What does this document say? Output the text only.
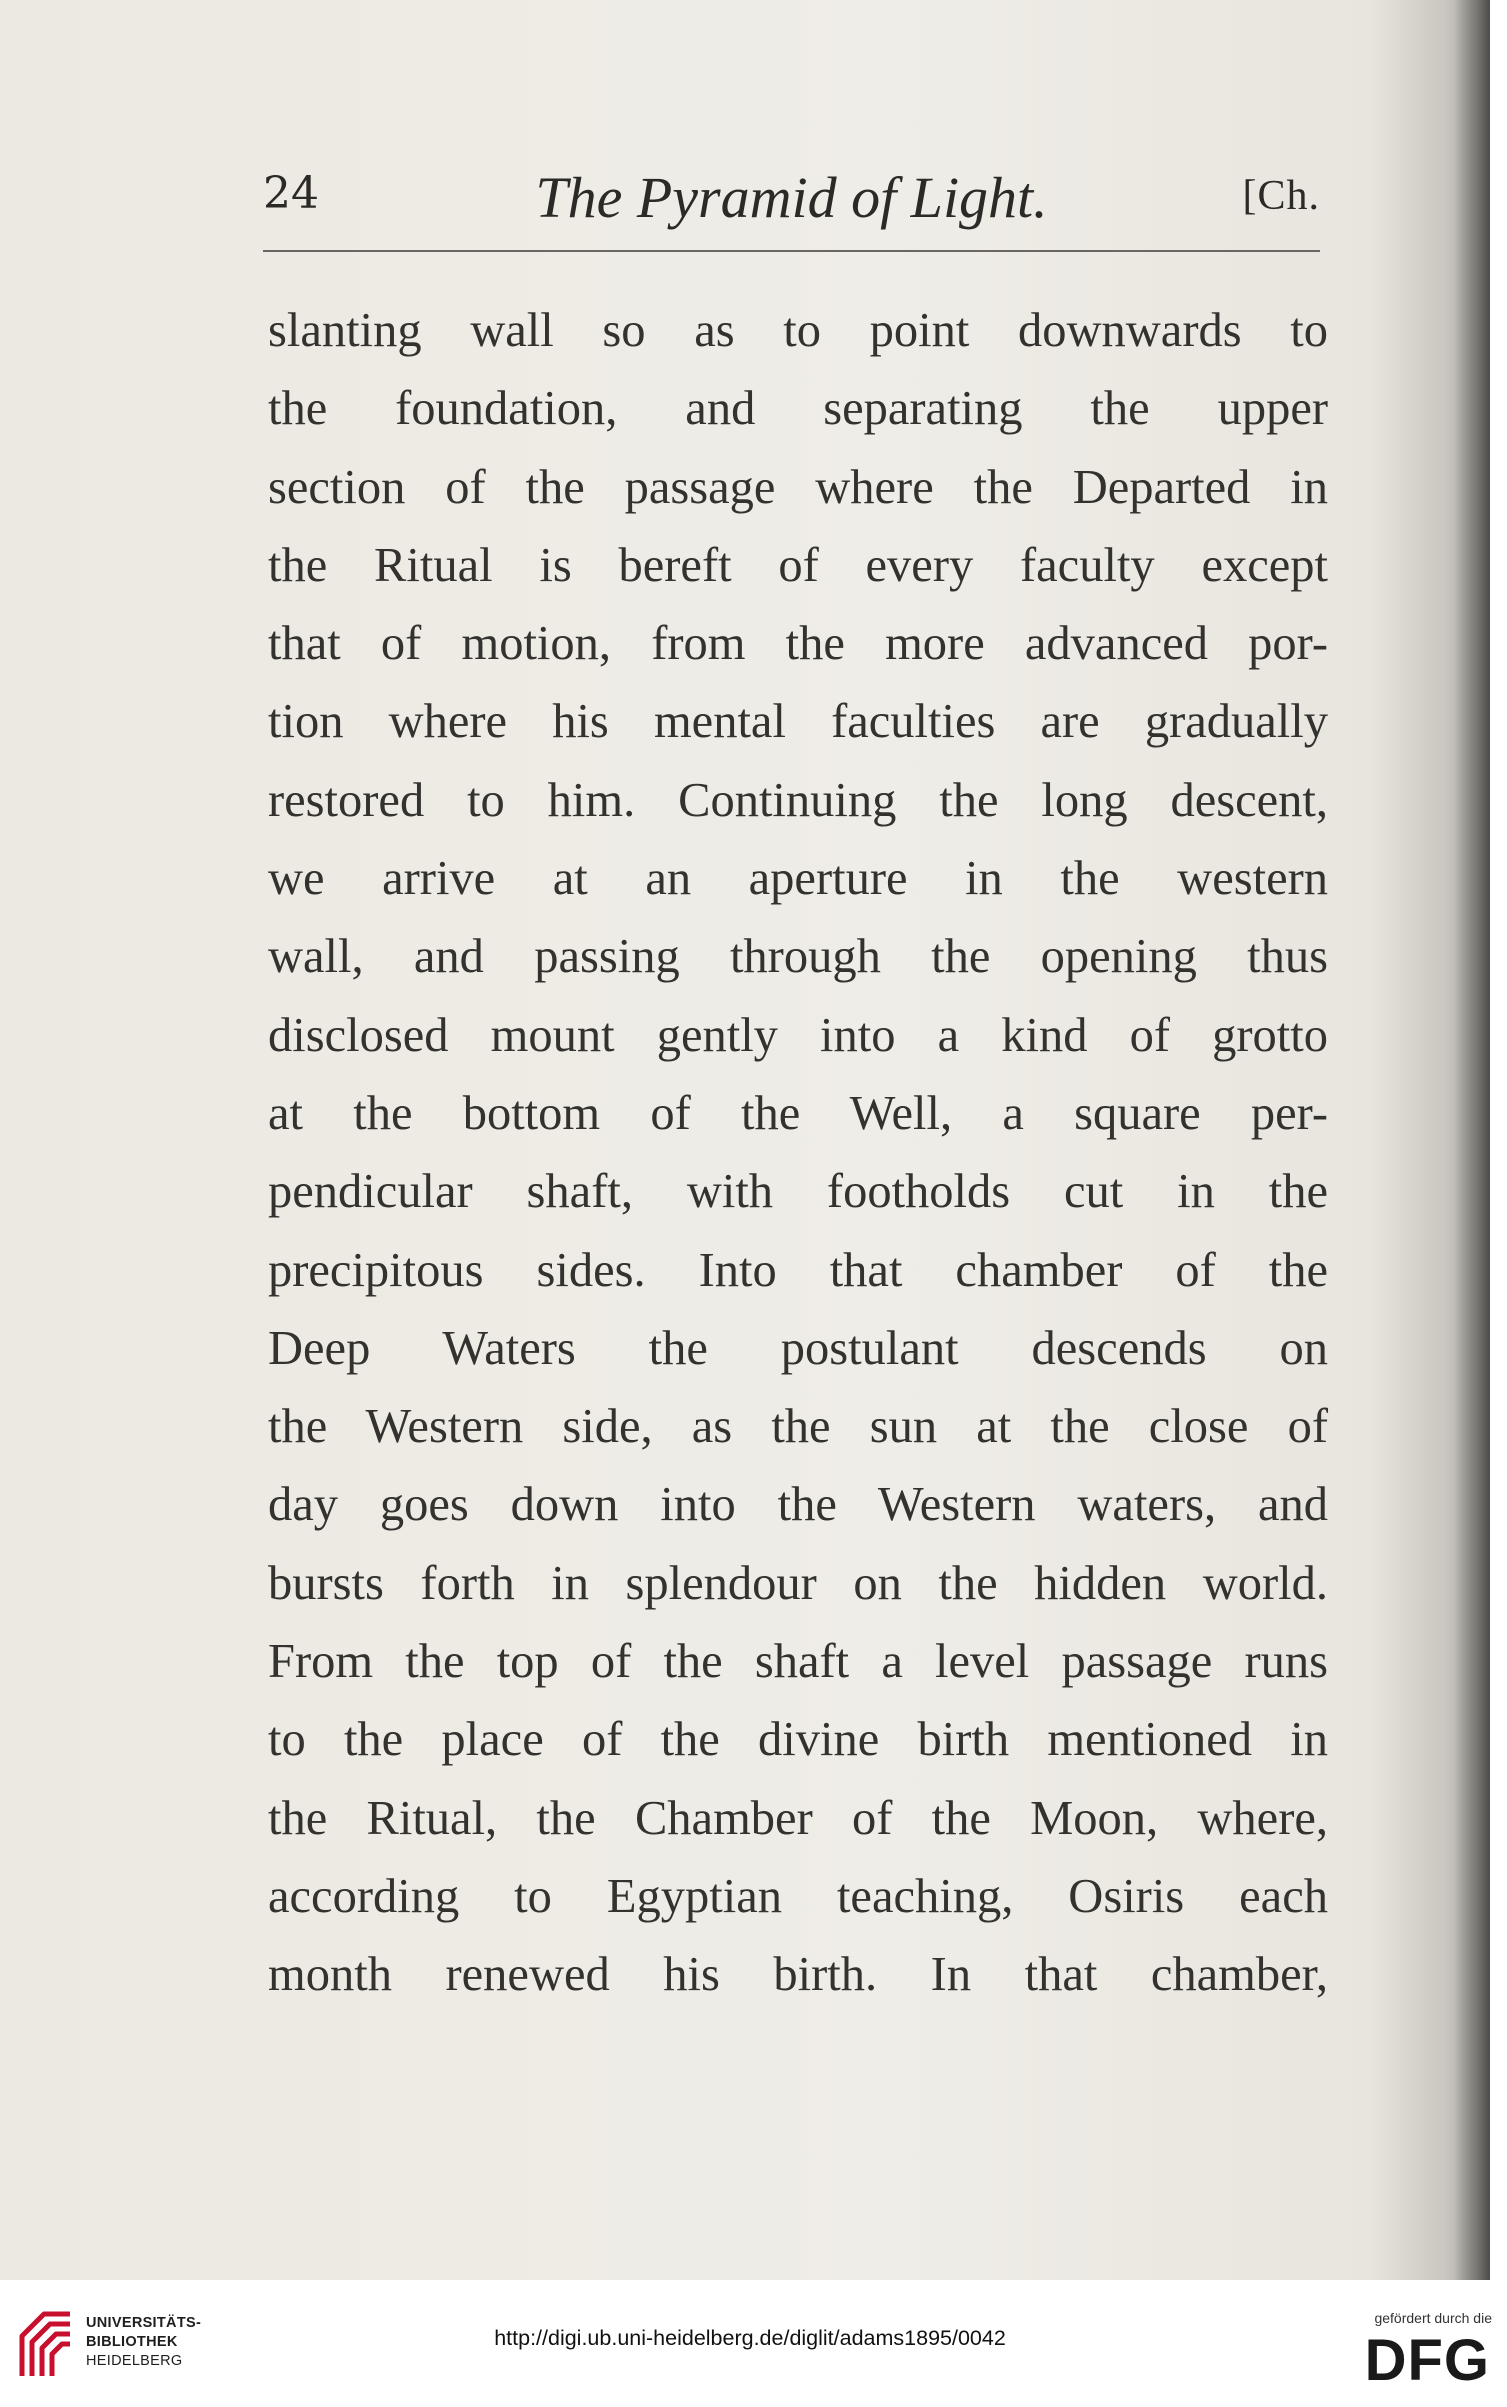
24	The Pyramid of Light.	[Ch.
slanting wall so as to point downwards to
the foundation, and separating the upper
section of the passage where the Departed in
the Ritual is bereft of every faculty except
that of motion, from the more advanced por-
tion where his mental faculties are gradually
restored to him. Continuing the long descent,
we arrive at an aperture in the western
wall, and passing through the opening thus
disclosed mount gently into a kind of grotto
at the bottom of the Well, a square per-
pendicular shaft, with footholds cut in the
precipitous sides. Into that chamber of the
Deep Waters the postulant descends on
the Western side, as the sun at the close of
day goes down into the Western waters, and
bursts forth in splendour on the hidden world.
From the top of the shaft a level passage runs
to the place of the divine birth mentioned in
the Ritual, the Chamber of the Moon, where,
according to Egyptian teaching, Osiris each
month renewed his birth. In that chamber,
UNIVERSITÄTS-
BIBLIOTHEK
HEIDELBERG
http://digi.ub.uni-heidelberg.de/diglit/adams1895/0042
gefördert durch die
DFG
